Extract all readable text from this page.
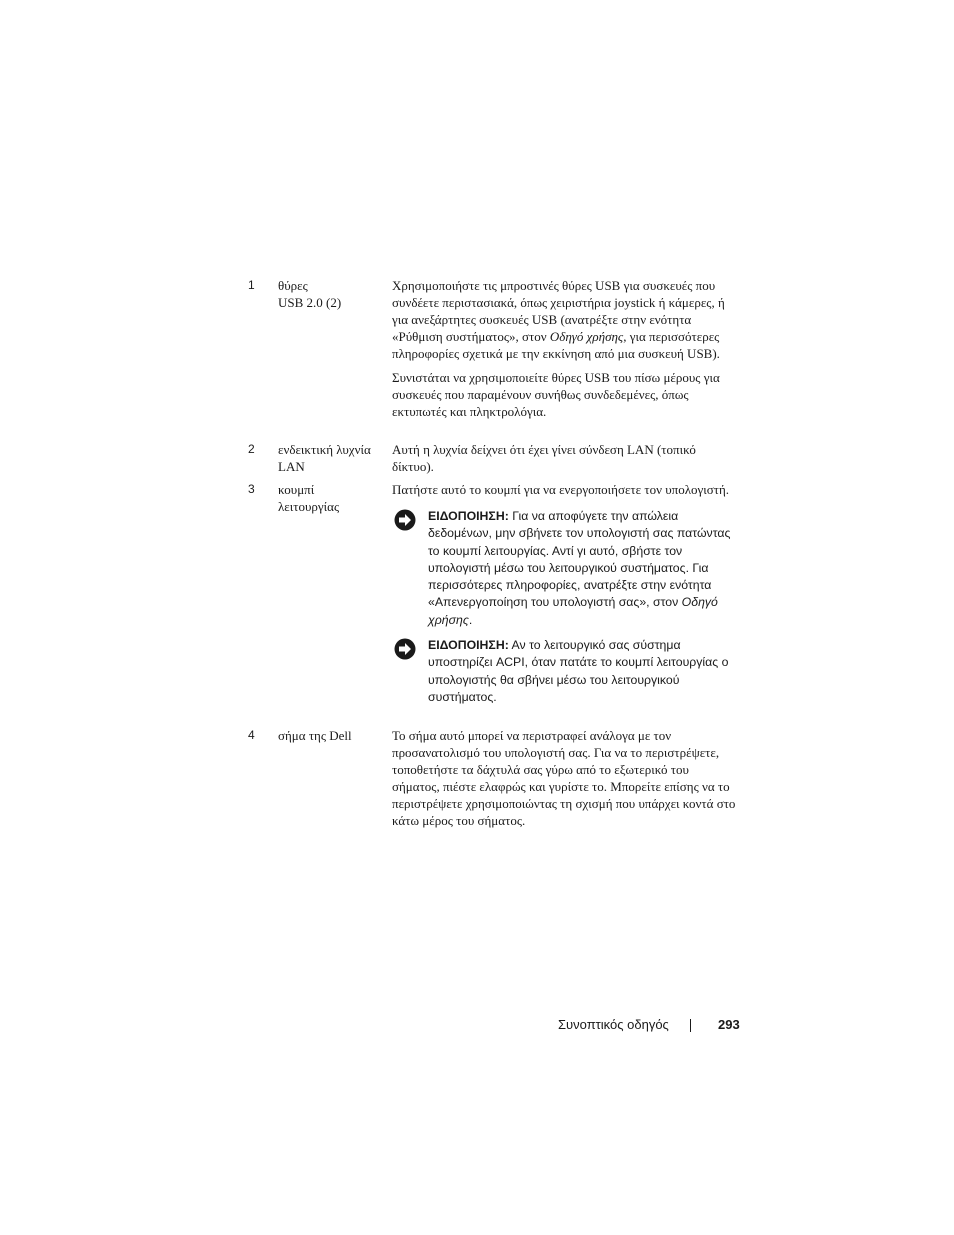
1 θύρες
USB 2.0 (2)

Χρησιμοποιήστε τις μπροστινές θύρες USB για συσκευές που συνδέετε περιστασιακά, όπως χειριστήρια joystick ή κάμερες, ή για ανεξάρτητες συσκευές USB (ανατρέξτε στην ενότητα «Ρύθμιση συστήματος», στον Οδηγό χρήσης, για περισσότερες πληροφορίες σχετικά με την εκκίνηση από μια συσκευή USB).

Συνιστάται να χρησιμοποιείτε θύρες USB του πίσω μέρους για συσκευές που παραμένουν συνήθως συνδεδεμένες, όπως εκτυπωτές και πληκτρολόγια.

2 ενδεικτική λυχνία
LAN

Αυτή η λυχνία δείχνει ότι έχει γίνει σύνδεση LAN (τοπικό δίκτυο).

3 κουμπί
λειτουργίας

Πατήστε αυτό το κουμπί για να ενεργοποιήσετε τον υπολογιστή.

ΕΙΔΟΠΟΙΗΣΗ: Για να αποφύγετε την απώλεια δεδομένων, μην σβήνετε τον υπολογιστή σας πατώντας το κουμπί λειτουργίας. Αντί γι αυτό, σβήστε τον υπολογιστή μέσω του λειτουργικού συστήματος. Για περισσότερες πληροφορίες, ανατρέξτε στην ενότητα «Απενεργοποίηση του υπολογιστή σας», στον Οδηγό χρήσης.
ΕΙΔΟΠΟΙΗΣΗ: Αν το λειτουργικό σας σύστημα υποστηρίζει ACPI, όταν πατάτε το κουμπί λειτουργίας ο υπολογιστής θα σβήνει μέσω του λειτουργικού συστήματος.
4 σήμα της Dell	Το σήμα αυτό μπορεί να περιστραφεί ανάλογα με τον προσανατολισμό του υπολογιστή σας. Για να το περιστρέψετε, τοποθετήστε τα δάχτυλά σας γύρω από το εξωτερικό του σήματος, πιέστε ελαφρώς και γυρίστε το. Μπορείτε επίσης να το περιστρέψετε χρησιμοποιώντας τη σχισμή που υπάρχει κοντά στο κάτω μέρος του σήματος.

Συνοπτικός οδηγός	293
